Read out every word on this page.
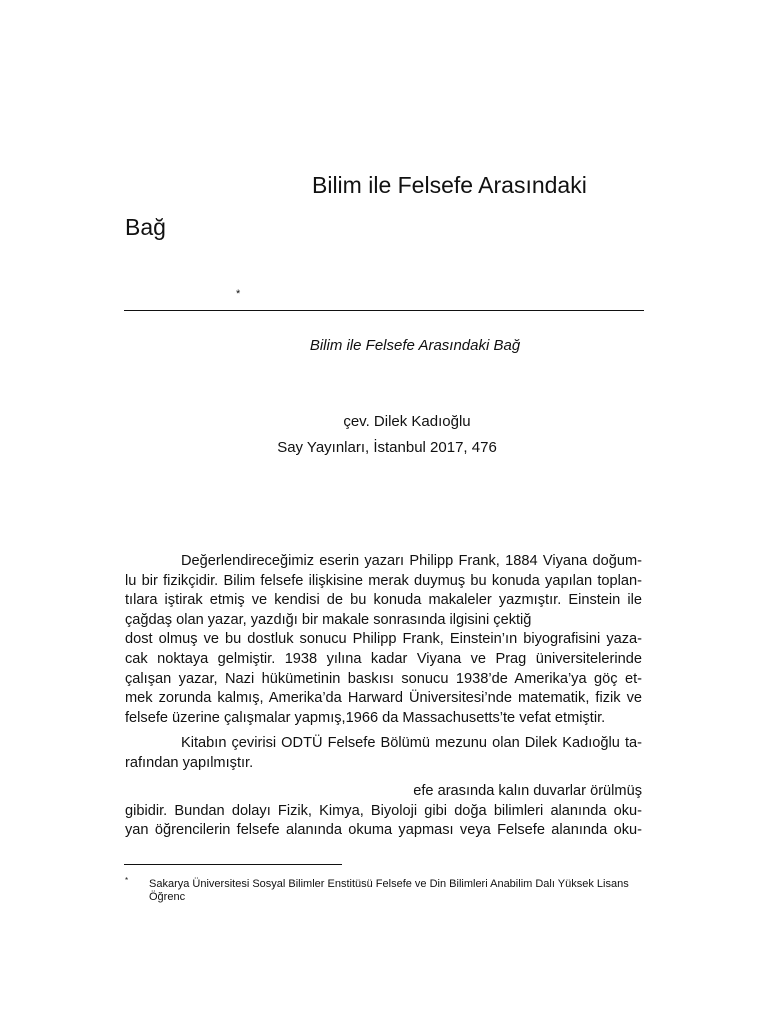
Bilim ile Felsefe Arasındaki
Bağ
*
Bilim ile Felsefe Arasındaki Bağ
çev. Dilek Kadıoğlu
Say Yayınları, İstanbul 2017, 476
Değerlendireceğimiz eserin yazarı Philipp Frank, 1884 Viyana doğum-
lu bir fizikçidir. Bilim felsefe ilişkisine merak duymuş bu konuda yapılan toplan-
tılara iştirak etmiş ve kendisi de bu konuda makaleler yazmıştır. Einstein ile
çağdaş olan yazar, yazdığı bir makale sonrasında ilgisini çektiğ
dost olmuş ve bu dostluk sonucu Philipp Frank, Einstein’ın biyografisini yaza-
cak noktaya gelmiştir. 1938 yılına kadar Viyana ve Prag üniversitelerinde
çalışan yazar, Nazi hükümetinin baskısı sonucu 1938’de Amerika’ya göç et-
mek zorunda kalmış, Amerika’da Harward Üniversitesi’nde matematik, fizik ve
felsefe üzerine çalışmalar yapmış,1966 da Massachusetts’te vefat etmiştir.
Kitabın çevirisi ODTÜ Felsefe Bölümü mezunu olan Dilek Kadıoğlu ta-
rafından yapılmıştır.
efe arasında kalın duvarlar örülmüş
gibidir. Bundan dolayı Fizik, Kimya, Biyoloji gibi doğa bilimleri alanında oku-
yan öğrencilerin felsefe alanında okuma yapması veya Felsefe alanında oku-
* Sakarya Üniversitesi Sosyal Bilimler Enstitüsü Felsefe ve Din Bilimleri Anabilim Dalı Yüksek Lisans Öğrenc
